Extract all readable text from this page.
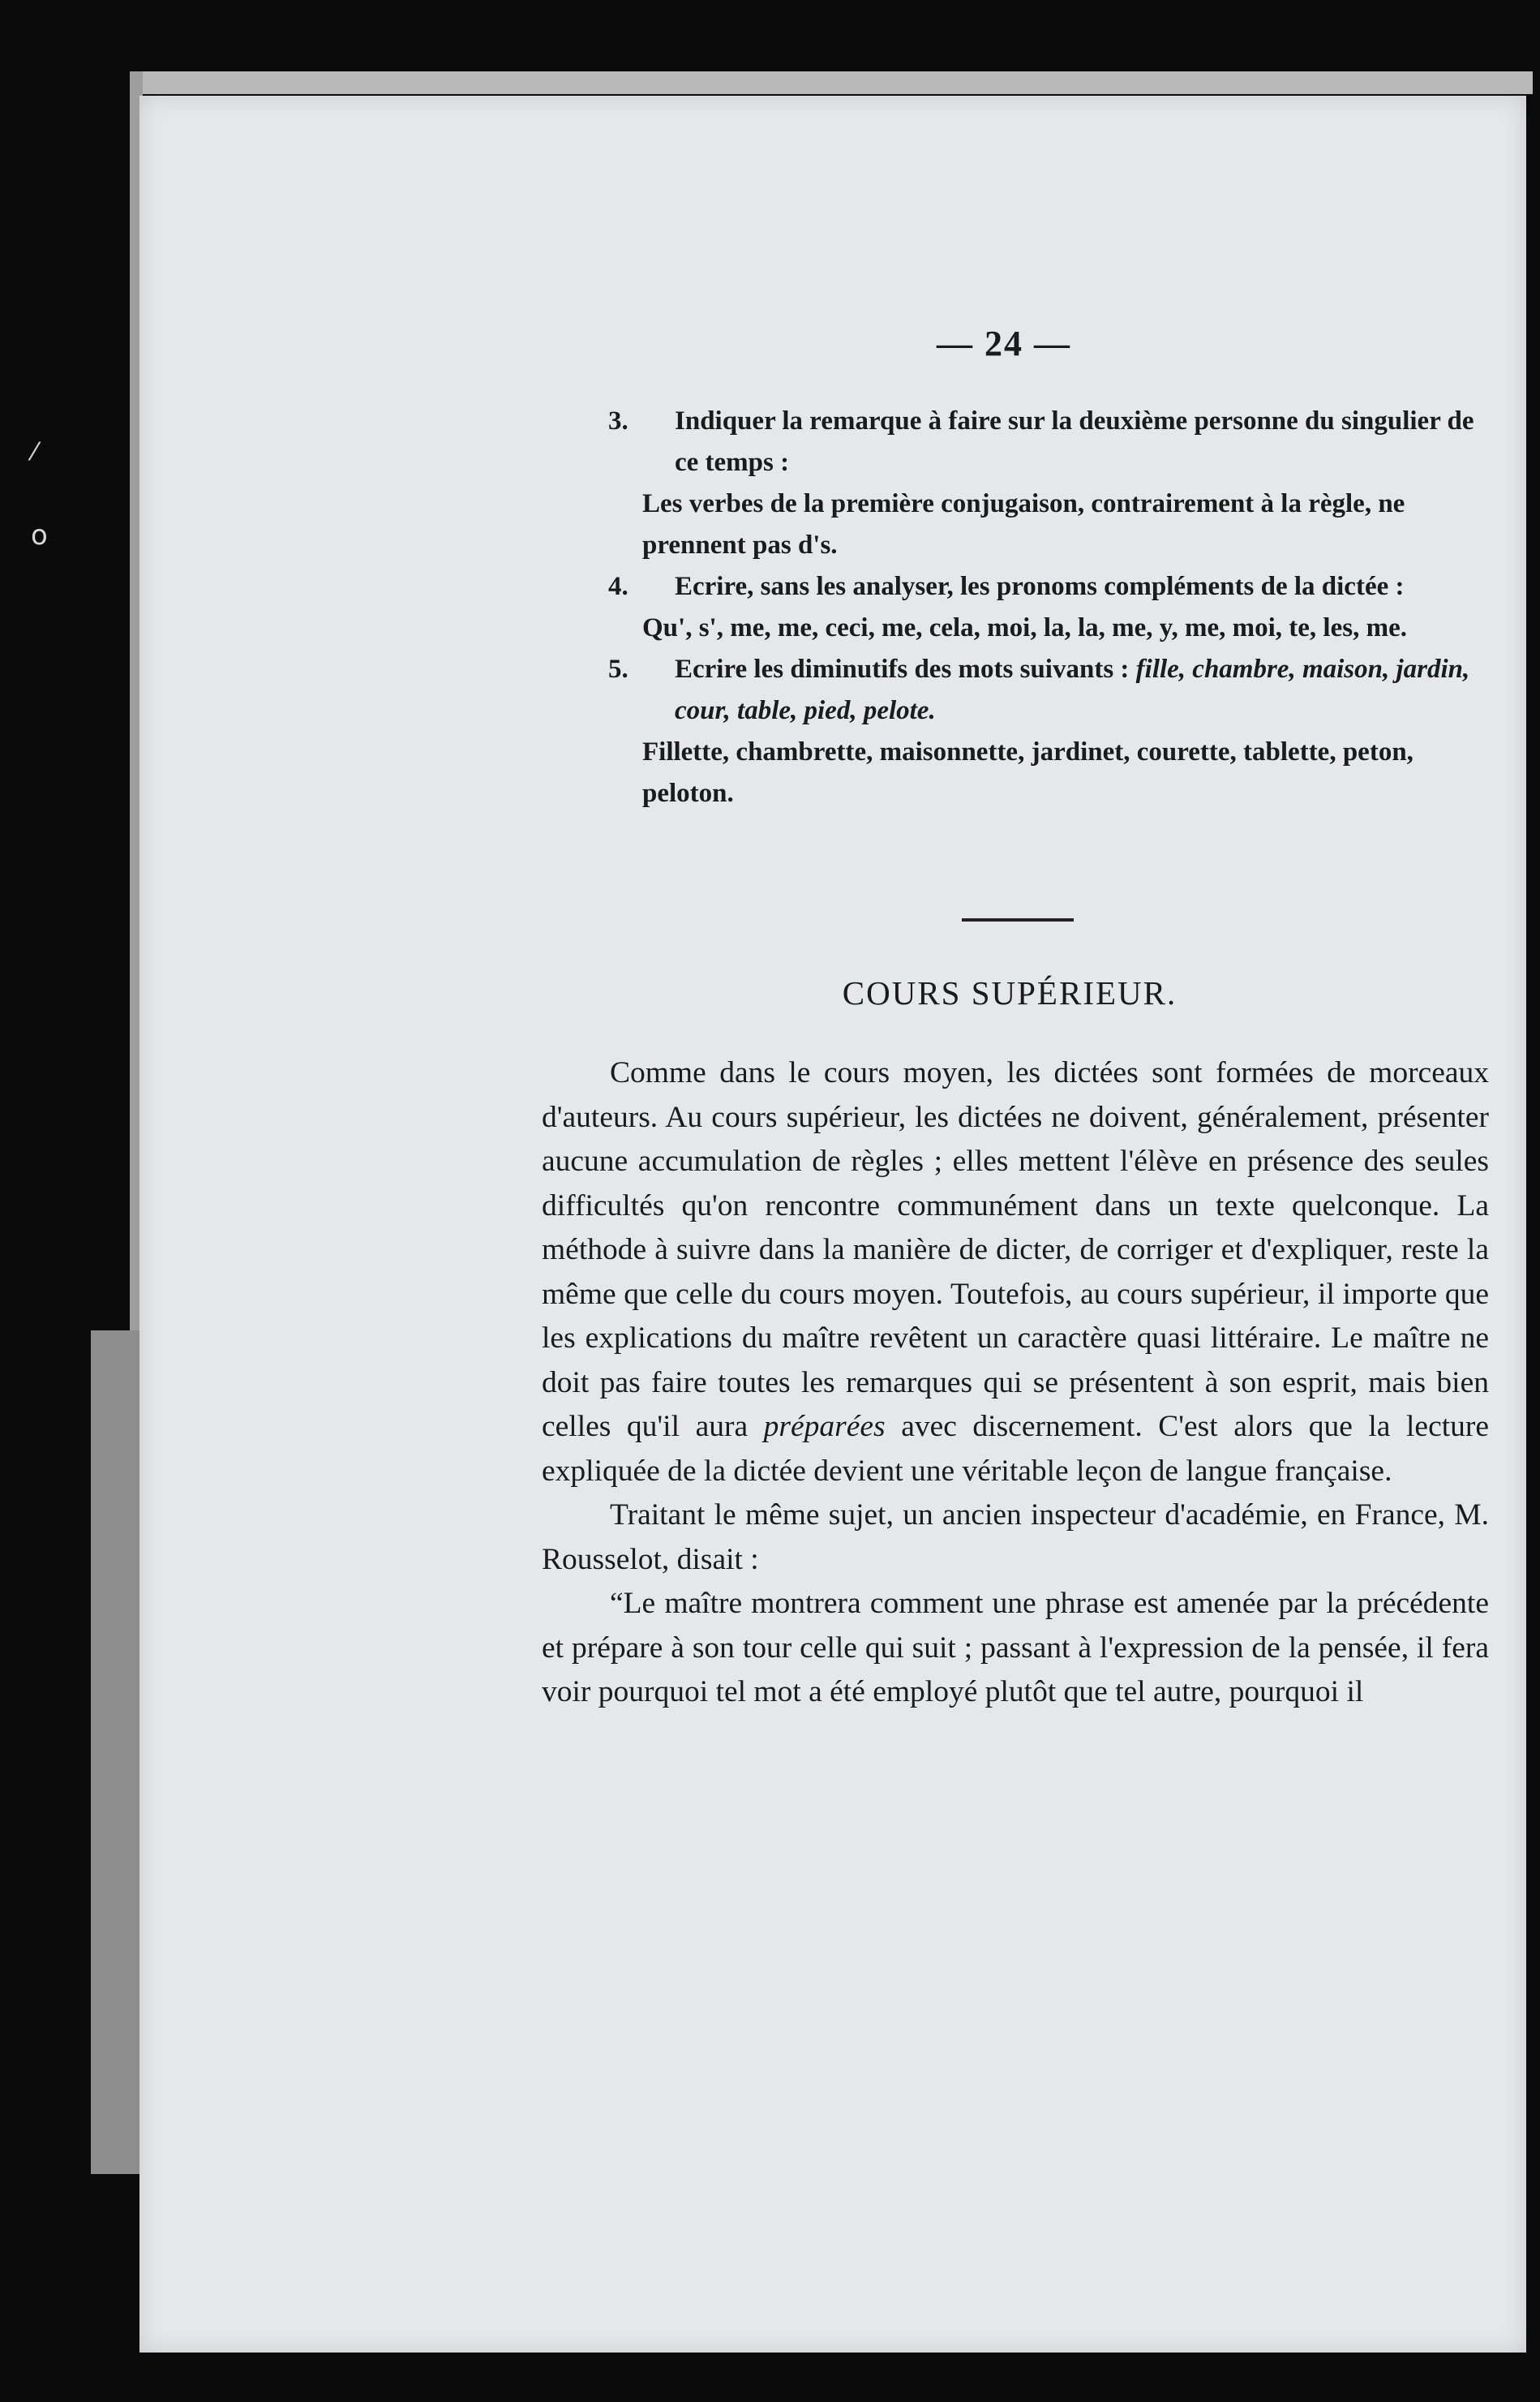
ο
⁄
— 24 —
3. Indiquer la remarque à faire sur la deuxième personne du singulier de ce temps :
Les verbes de la première conjugaison, contrairement à la règle, ne prennent pas d's.
4. Ecrire, sans les analyser, les pronoms compléments de la dictée :
Qu', s', me, me, ceci, me, cela, moi, la, la, me, y, me, moi, te, les, me.
5. Ecrire les diminutifs des mots suivants : fille, chambre, maison, jardin, cour, table, pied, pelote.
Fillette, chambrette, maisonnette, jardinet, courette, tablette, peton, peloton.
COURS SUPÉRIEUR.

Comme dans le cours moyen, les dictées sont formées de morceaux d'auteurs. Au cours supérieur, les dictées ne doivent, généralement, présenter aucune accumulation de règles ; elles mettent l'élève en présence des seules difficultés qu'on rencontre communément dans un texte quelconque. La méthode à suivre dans la manière de dicter, de corriger et d'expliquer, reste la même que celle du cours moyen. Toutefois, au cours supérieur, il importe que les explications du maître revêtent un caractère quasi littéraire. Le maître ne doit pas faire toutes les remarques qui se présentent à son esprit, mais bien celles qu'il aura préparées avec discernement. C'est alors que la lecture expliquée de la dictée devient une véritable leçon de langue française.

Traitant le même sujet, un ancien inspecteur d'académie, en France, M. Rousselot, disait :

“Le maître montrera comment une phrase est amenée par la précédente et prépare à son tour celle qui suit ; passant à l'expression de la pensée, il fera voir pourquoi tel mot a été employé plutôt que tel autre, pourquoi il
